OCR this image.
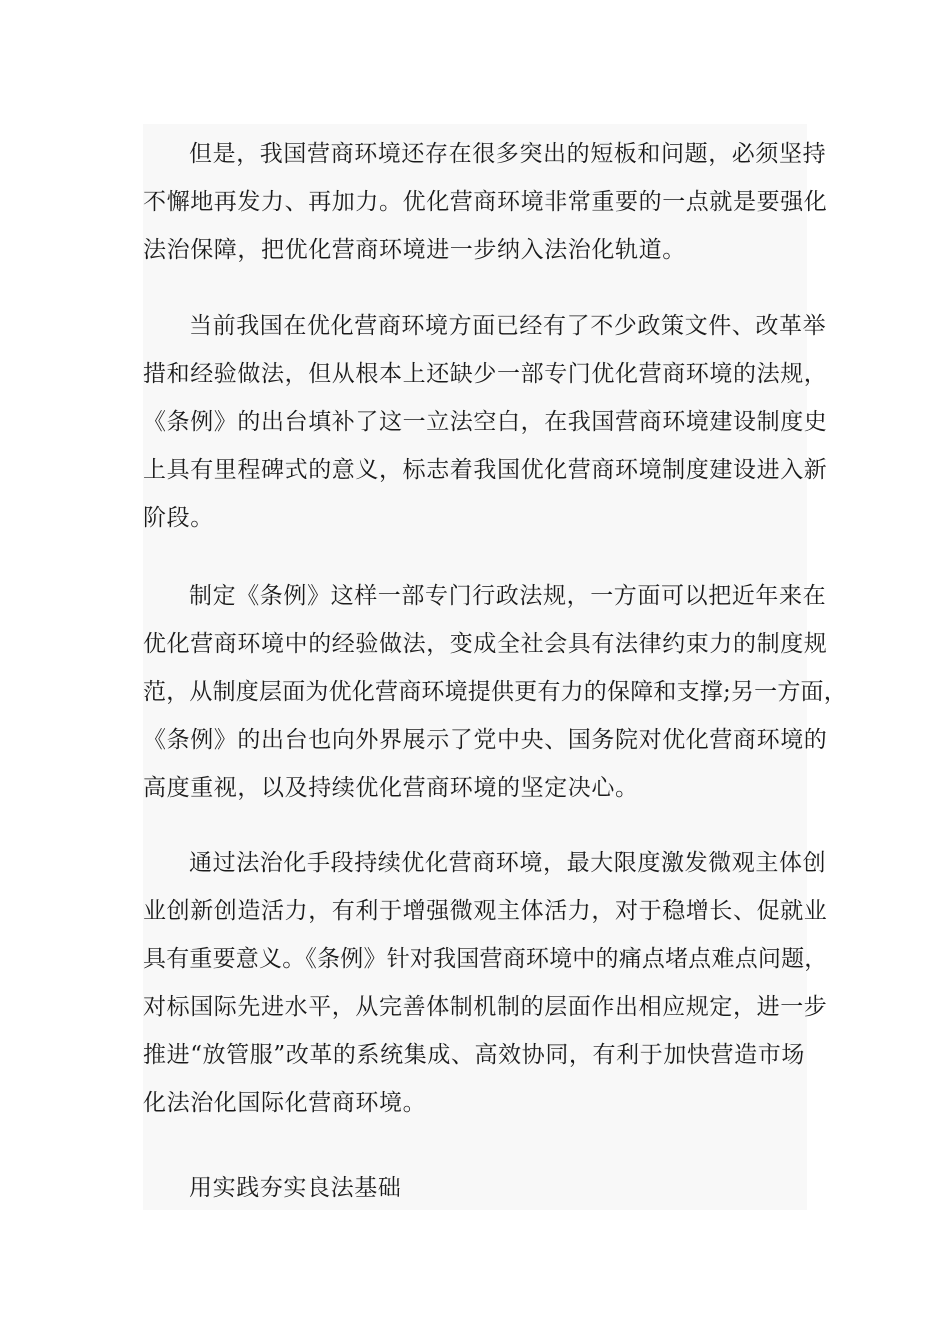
但是，我国营商环境还存在很多突出的短板和问题，必须坚持
不懈地再发力、再加力。优化营商环境非常重要的一点就是要强化
法治保障，把优化营商环境进一步纳入法治化轨道。
当前我国在优化营商环境方面已经有了不少政策文件、改革举
措和经验做法，但从根本上还缺少一部专门优化营商环境的法规，
《条例》的出台填补了这一立法空白，在我国营商环境建设制度史
上具有里程碑式的意义，标志着我国优化营商环境制度建设进入新
阶段。
制定《条例》这样一部专门行政法规，一方面可以把近年来在
优化营商环境中的经验做法，变成全社会具有法律约束力的制度规
范，从制度层面为优化营商环境提供更有力的保障和支撑;另一方面，
《条例》的出台也向外界展示了党中央、国务院对优化营商环境的
高度重视，以及持续优化营商环境的坚定决心。
通过法治化手段持续优化营商环境，最大限度激发微观主体创
业创新创造活力，有利于增强微观主体活力，对于稳增长、促就业
具有重要意义。《条例》针对我国营商环境中的痛点堵点难点问题，
对标国际先进水平，从完善体制机制的层面作出相应规定，进一步
推进“放管服”改革的系统集成、高效协同，有利于加快营造市场
化法治化国际化营商环境。
用实践夯实良法基础
